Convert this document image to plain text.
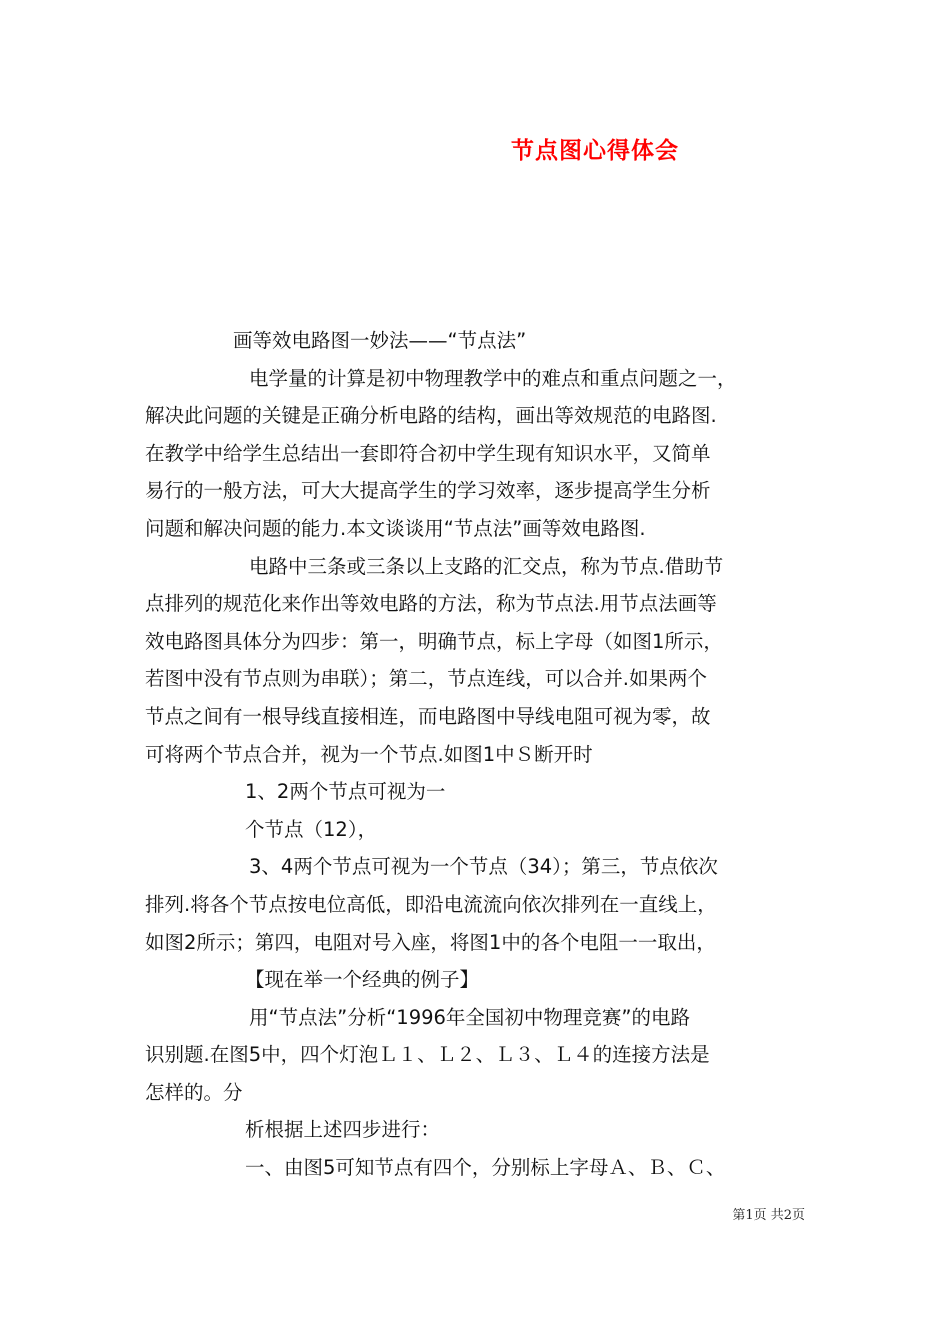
节点图心得体会
画等效电路图一妙法——“节点法”
电学量的计算是初中物理教学中的难点和重点问题之一，
解决此问题的关键是正确分析电路的结构，画出等效规范的电路图.
在教学中给学生总结出一套即符合初中学生现有知识水平，又简单
易行的一般方法，可大大提高学生的学习效率，逐步提高学生分析
问题和解决问题的能力.本文谈谈用“节点法”画等效电路图.
电路中三条或三条以上支路的汇交点，称为节点.借助节
点排列的规范化来作出等效电路的方法，称为节点法.用节点法画等
效电路图具体分为四步：第一，明确节点，标上字母（如图1所示，
若图中没有节点则为串联）；第二，节点连线，可以合并.如果两个
节点之间有一根导线直接相连，而电路图中导线电阻可视为零，故
可将两个节点合并，视为一个节点.如图1中Ｓ断开时
1、2两个节点可视为一
个节点（12），
3、4两个节点可视为一个节点（34）；第三，节点依次
排列.将各个节点按电位高低，即沿电流流向依次排列在一直线上，
如图2所示；第四，电阻对号入座，将图1中的各个电阻一一取出，
【现在举一个经典的例子】
用“节点法”分析“1996年全国初中物理竞赛”的电路
识别题.在图5中，四个灯泡Ｌ１、Ｌ２、Ｌ３、Ｌ４的连接方法是
怎样的。分
析根据上述四步进行：
一、由图5可知节点有四个，分别标上字母Ａ、Ｂ、Ｃ、
第1页 共2页
